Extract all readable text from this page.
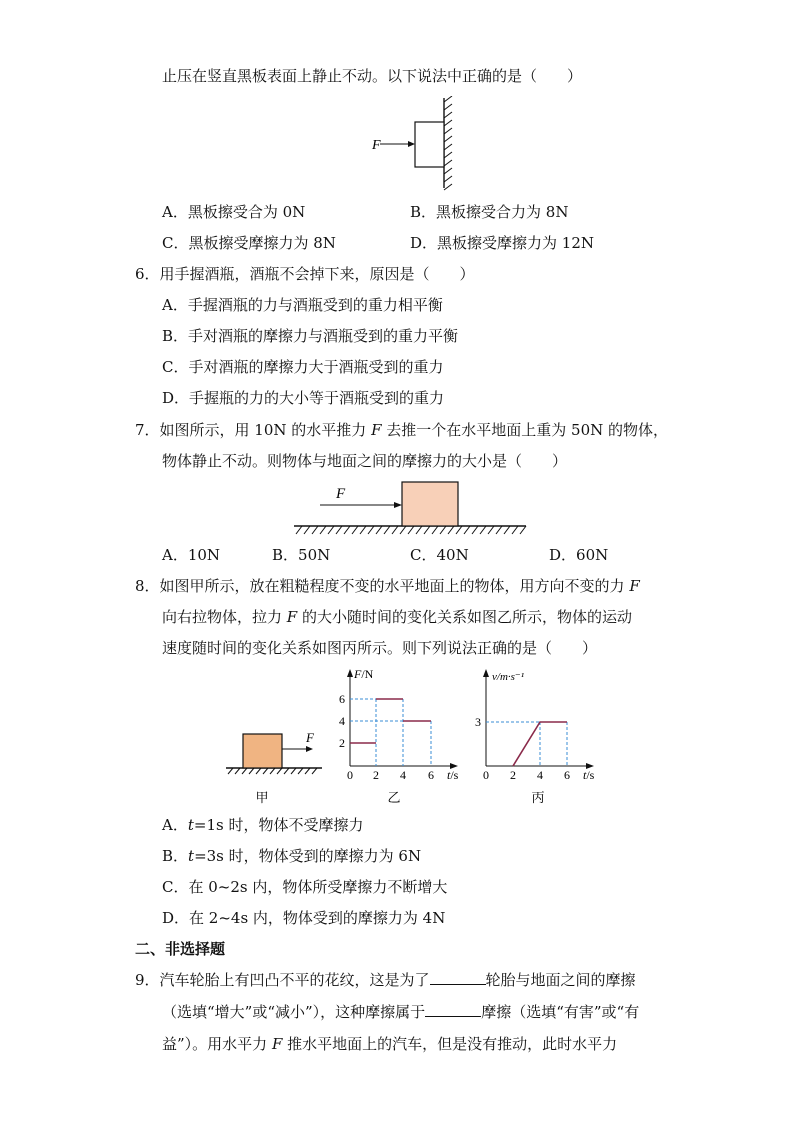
止压在竖直黑板表面上静止不动。以下说法中正确的是（　　）
F
A．黑板擦受合为 0N	B．黑板擦受合力为 8N
C．黑板擦受摩擦力为 8N	D．黑板擦受摩擦力为 12N
6．用手握酒瓶，酒瓶不会掉下来，原因是（　　）
A．手握酒瓶的力与酒瓶受到的重力相平衡
B．手对酒瓶的摩擦力与酒瓶受到的重力平衡
C．手对酒瓶的摩擦力大于酒瓶受到的重力
D．手握瓶的力的大小等于酒瓶受到的重力
7．如图所示，用 10N 的水平推力 F 去推一个在水平地面上重为 50N 的物体，
物体静止不动。则物体与地面之间的摩擦力的大小是（　　）
F
A．10N	B．50N	C．40N	D．60N
8．如图甲所示，放在粗糙程度不变的水平地面上的物体，用方向不变的力 F
向右拉物体，拉力 F 的大小随时间的变化关系如图乙所示，物体的运动
速度随时间的变化关系如图丙所示。则下列说法正确的是（　　）
F
甲
F/N
6
4
2
0 2 4 6 t/s
乙
v/m·s⁻¹
3
0 2 4 6 t/s
丙
A．t=1s 时，物体不受摩擦力
B．t=3s 时，物体受到的摩擦力为 6N
C．在 0~2s 内，物体所受摩擦力不断增大
D．在 2~4s 内，物体受到的摩擦力为 4N
二、非选择题
9．汽车轮胎上有凹凸不平的花纹，这是为了	轮胎与地面之间的摩擦
（选填“增大”或“减小”），这种摩擦属于	摩擦（选填“有害”或“有
益”）。用水平力 F 推水平地面上的汽车，但是没有推动，此时水平力
